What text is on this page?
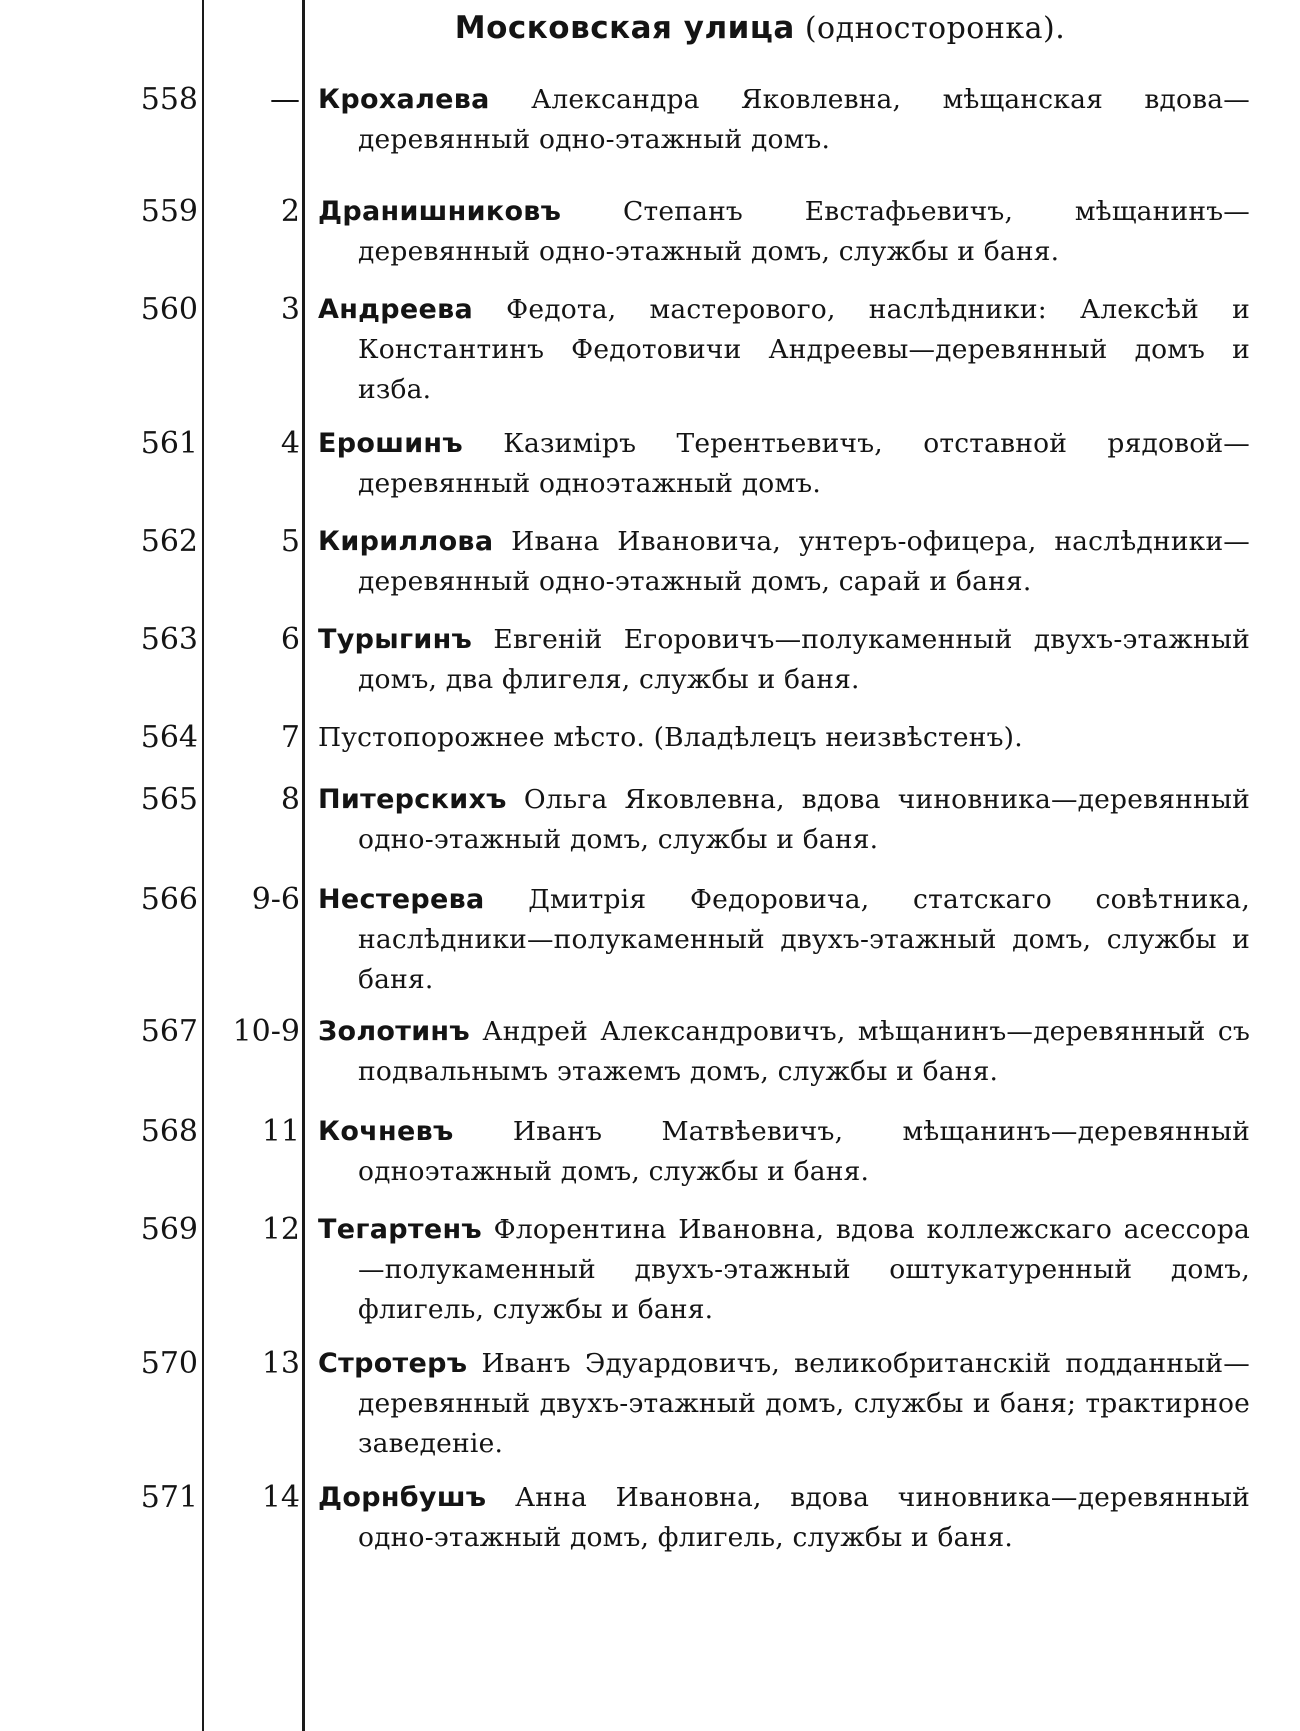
Московская улица (односторонка).
558	— Крохалева Александра Яковлевна, мѣщанская вдова—деревянный одно-этажный домъ.
559	2 Дранишниковъ Степанъ Евстафьевичъ, мѣщанинъ—деревянный одно-этажный домъ, службы и баня.
560	3 Андреева Федота, мастерового, наслѣдники: Алексѣй и Константинъ Федотовичи Андреевы—деревянный домъ и изба.
561	4 Ерошинъ Казиміръ Терентьевичъ, отставной рядовой—деревянный одноэтажный домъ.
562	5 Кириллова Ивана Ивановича, унтеръ-офицера, наслѣдники—деревянный одно-этажный домъ, сарай и баня.
563	6 Турыгинъ Евгеній Егоровичъ—полукаменный двухъ-этажный домъ, два флигеля, службы и баня.
564	7 Пустопорожнее мѣсто. (Владѣлецъ неизвѣстенъ).
565	8 Питерскихъ Ольга Яковлевна, вдова чиновника—деревянный одно-этажный домъ, службы и баня.
566	9-6 Нестерева Дмитрія Федоровича, статскаго совѣтника, наслѣдники—полукаменный двухъ-этажный домъ, службы и баня.
567	10-9 Золотинъ Андрей Александровичъ, мѣщанинъ—деревянный съ подвальнымъ этажемъ домъ, службы и баня.
568	11 Кочневъ Иванъ Матвѣевичъ, мѣщанинъ—деревянный одноэтажный домъ, службы и баня.
569	12 Тегартенъ Флорентина Ивановна, вдова коллежскаго асессора—полукаменный двухъ-этажный оштукатуренный домъ, флигель, службы и баня.
570	13 Стротеръ Иванъ Эдуардовичъ, великобританскій подданный—деревянный двухъ-этажный домъ, службы и баня; трактирное заведеніе.
571	14 Дорнбушъ Анна Ивановна, вдова чиновника—деревянный одно-этажный домъ, флигель, службы и баня.
